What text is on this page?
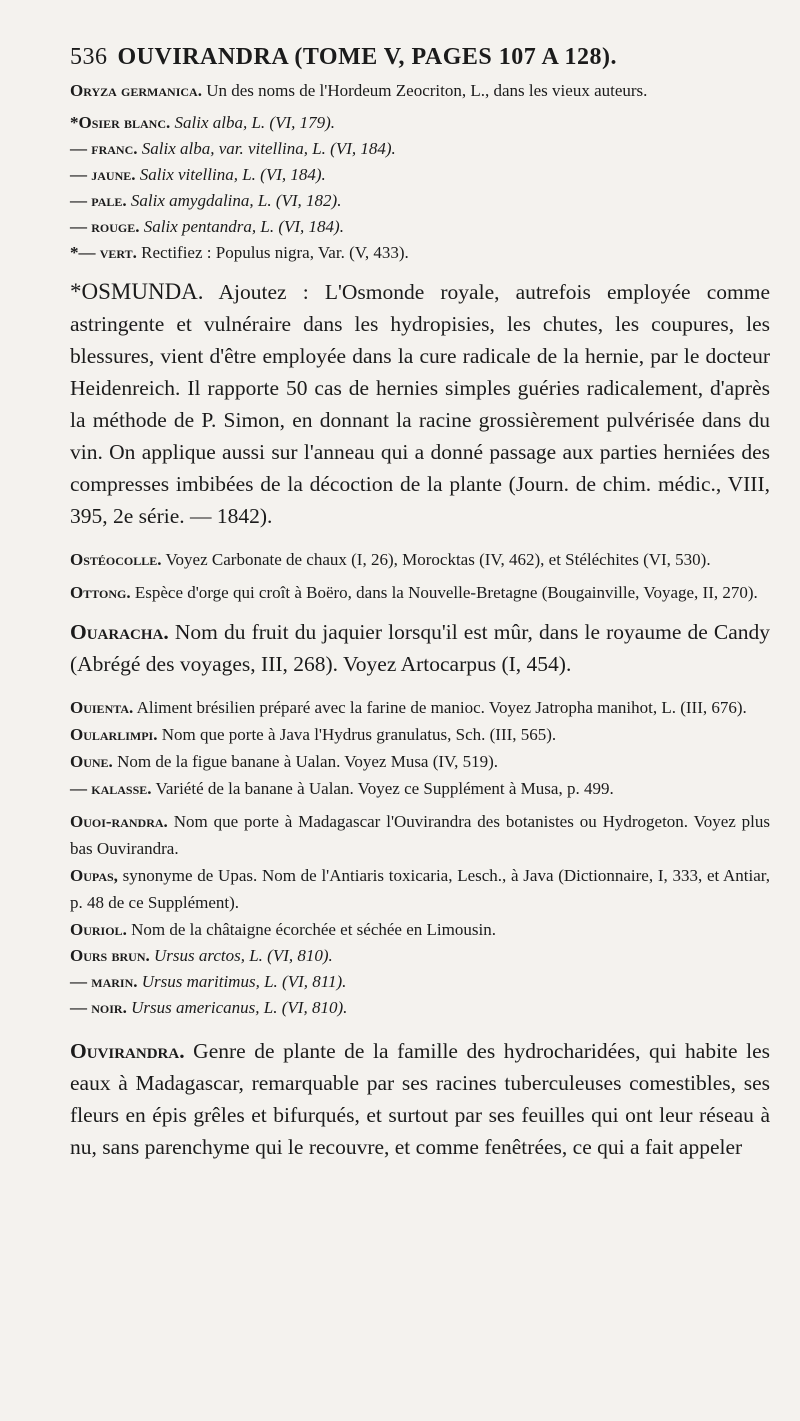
536 OUVIRANDRA (TOME V, PAGES 107 A 128).

Oryza germanica. Un des noms de l'Hordeum Zeocriton, L., dans les vieux auteurs.

*Osier blanc. Salix alba, L. (VI, 179).

— franc. Salix alba, var. vitellina, L. (VI, 184).

— jaune. Salix vitellina, L. (VI, 184).

— pale. Salix amygdalina, L. (VI, 182).

— rouge. Salix pentandra, L. (VI, 184).

*— vert. Rectifiez : Populus nigra, Var. (V, 433).

*OSMUNDA. Ajoutez : L'Osmonde royale, autrefois employée comme astringente et vulnéraire dans les hydropisies, les chutes, les coupures, les blessures, vient d'être employée dans la cure radicale de la hernie, par le docteur Heidenreich. Il rapporte 50 cas de hernies simples guéries radicalement, d'après la méthode de P. Simon, en donnant la racine grossièrement pulvérisée dans du vin. On applique aussi sur l'anneau qui a donné passage aux parties herniées des compresses imbibées de la décoction de la plante (Journ. de chim. médic., VIII, 395, 2e série. — 1842).

Ostéocolle. Voyez Carbonate de chaux (I, 26), Morocktas (IV, 462), et Stéléchites (VI, 530).

Ottong. Espèce d'orge qui croît à Boëro, dans la Nouvelle-Bretagne (Bougainville, Voyage, II, 270).

Ouaracha. Nom du fruit du jaquier lorsqu'il est mûr, dans le royaume de Candy (Abrégé des voyages, III, 268). Voyez Artocarpus (I, 454).

Ouienta. Aliment brésilien préparé avec la farine de manioc. Voyez Jatropha manihot, L. (III, 676).

Oularlimpi. Nom que porte à Java l'Hydrus granulatus, Sch. (III, 565).

Oune. Nom de la figue banane à Ualan. Voyez Musa (IV, 519).

— kalasse. Variété de la banane à Ualan. Voyez ce Supplément à Musa, p. 499.

Ouoi-randra. Nom que porte à Madagascar l'Ouvirandra des botanistes ou Hydrogeton. Voyez plus bas Ouvirandra.

Oupas, synonyme de Upas. Nom de l'Antiaris toxicaria, Lesch., à Java (Dictionnaire, I, 333, et Antiar, p. 48 de ce Supplément).

Ouriol. Nom de la châtaigne écorchée et séchée en Limousin.

Ours brun. Ursus arctos, L. (VI, 810).

— marin. Ursus maritimus, L. (VI, 811).

— noir. Ursus americanus, L. (VI, 810).

Ouvirandra. Genre de plante de la famille des hydrocharidées, qui habite les eaux à Madagascar, remarquable par ses racines tuberculeuses comestibles, ses fleurs en épis grêles et bifurqués, et surtout par ses feuilles qui ont leur réseau à nu, sans parenchyme qui le recouvre, et comme fenêtrées, ce qui a fait appeler
